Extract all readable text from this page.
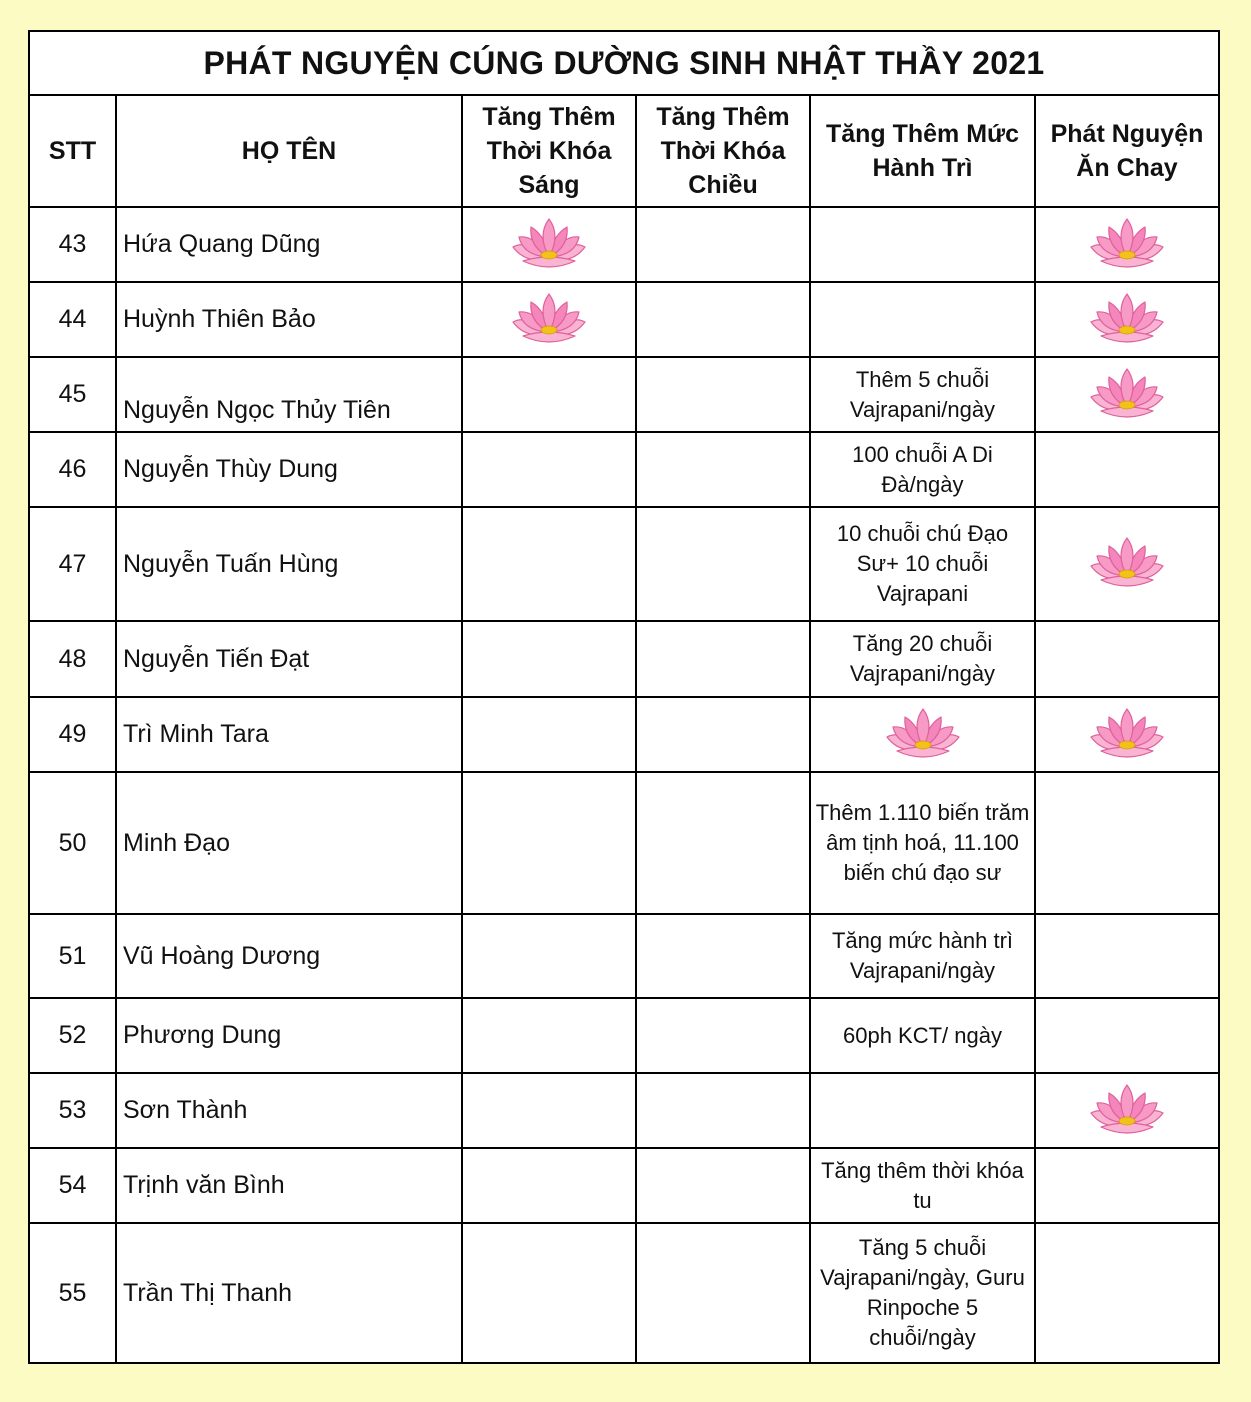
PHÁT NGUYỆN CÚNG DƯỜNG SINH NHẬT THẦY 2021
STT	HỌ TÊN	Tăng Thêm Thời Khóa Sáng	Tăng Thêm Thời Khóa Chiều	Tăng Thêm Mức Hành Trì	Phát Nguyện Ăn Chay
43	Hứa Quang Dũng				
44	Huỳnh Thiên Bảo				
45	Nguyễn Ngọc Thủy Tiên			Thêm 5 chuỗi Vajrapani/ngày	
46	Nguyễn Thùy Dung			100 chuỗi A Di Đà/ngày	
47	Nguyễn Tuấn Hùng			10 chuỗi chú Đạo Sư+ 10 chuỗi Vajrapani	
48	Nguyễn Tiến Đạt			Tăng 20 chuỗi Vajrapani/ngày	
49	Trì Minh Tara				
50	Minh Đạo			Thêm 1.110 biến trăm âm tịnh hoá, 11.100 biến chú đạo sư	
51	Vũ Hoàng Dương			Tăng mức hành trì Vajrapani/ngày	
52	Phương Dung			60ph KCT/ ngày	
53	Sơn Thành				
54	Trịnh văn Bình			Tăng thêm thời khóa tu	
55	Trần Thị Thanh			Tăng 5 chuỗi Vajrapani/ngày, Guru Rinpoche 5 chuỗi/ngày	
